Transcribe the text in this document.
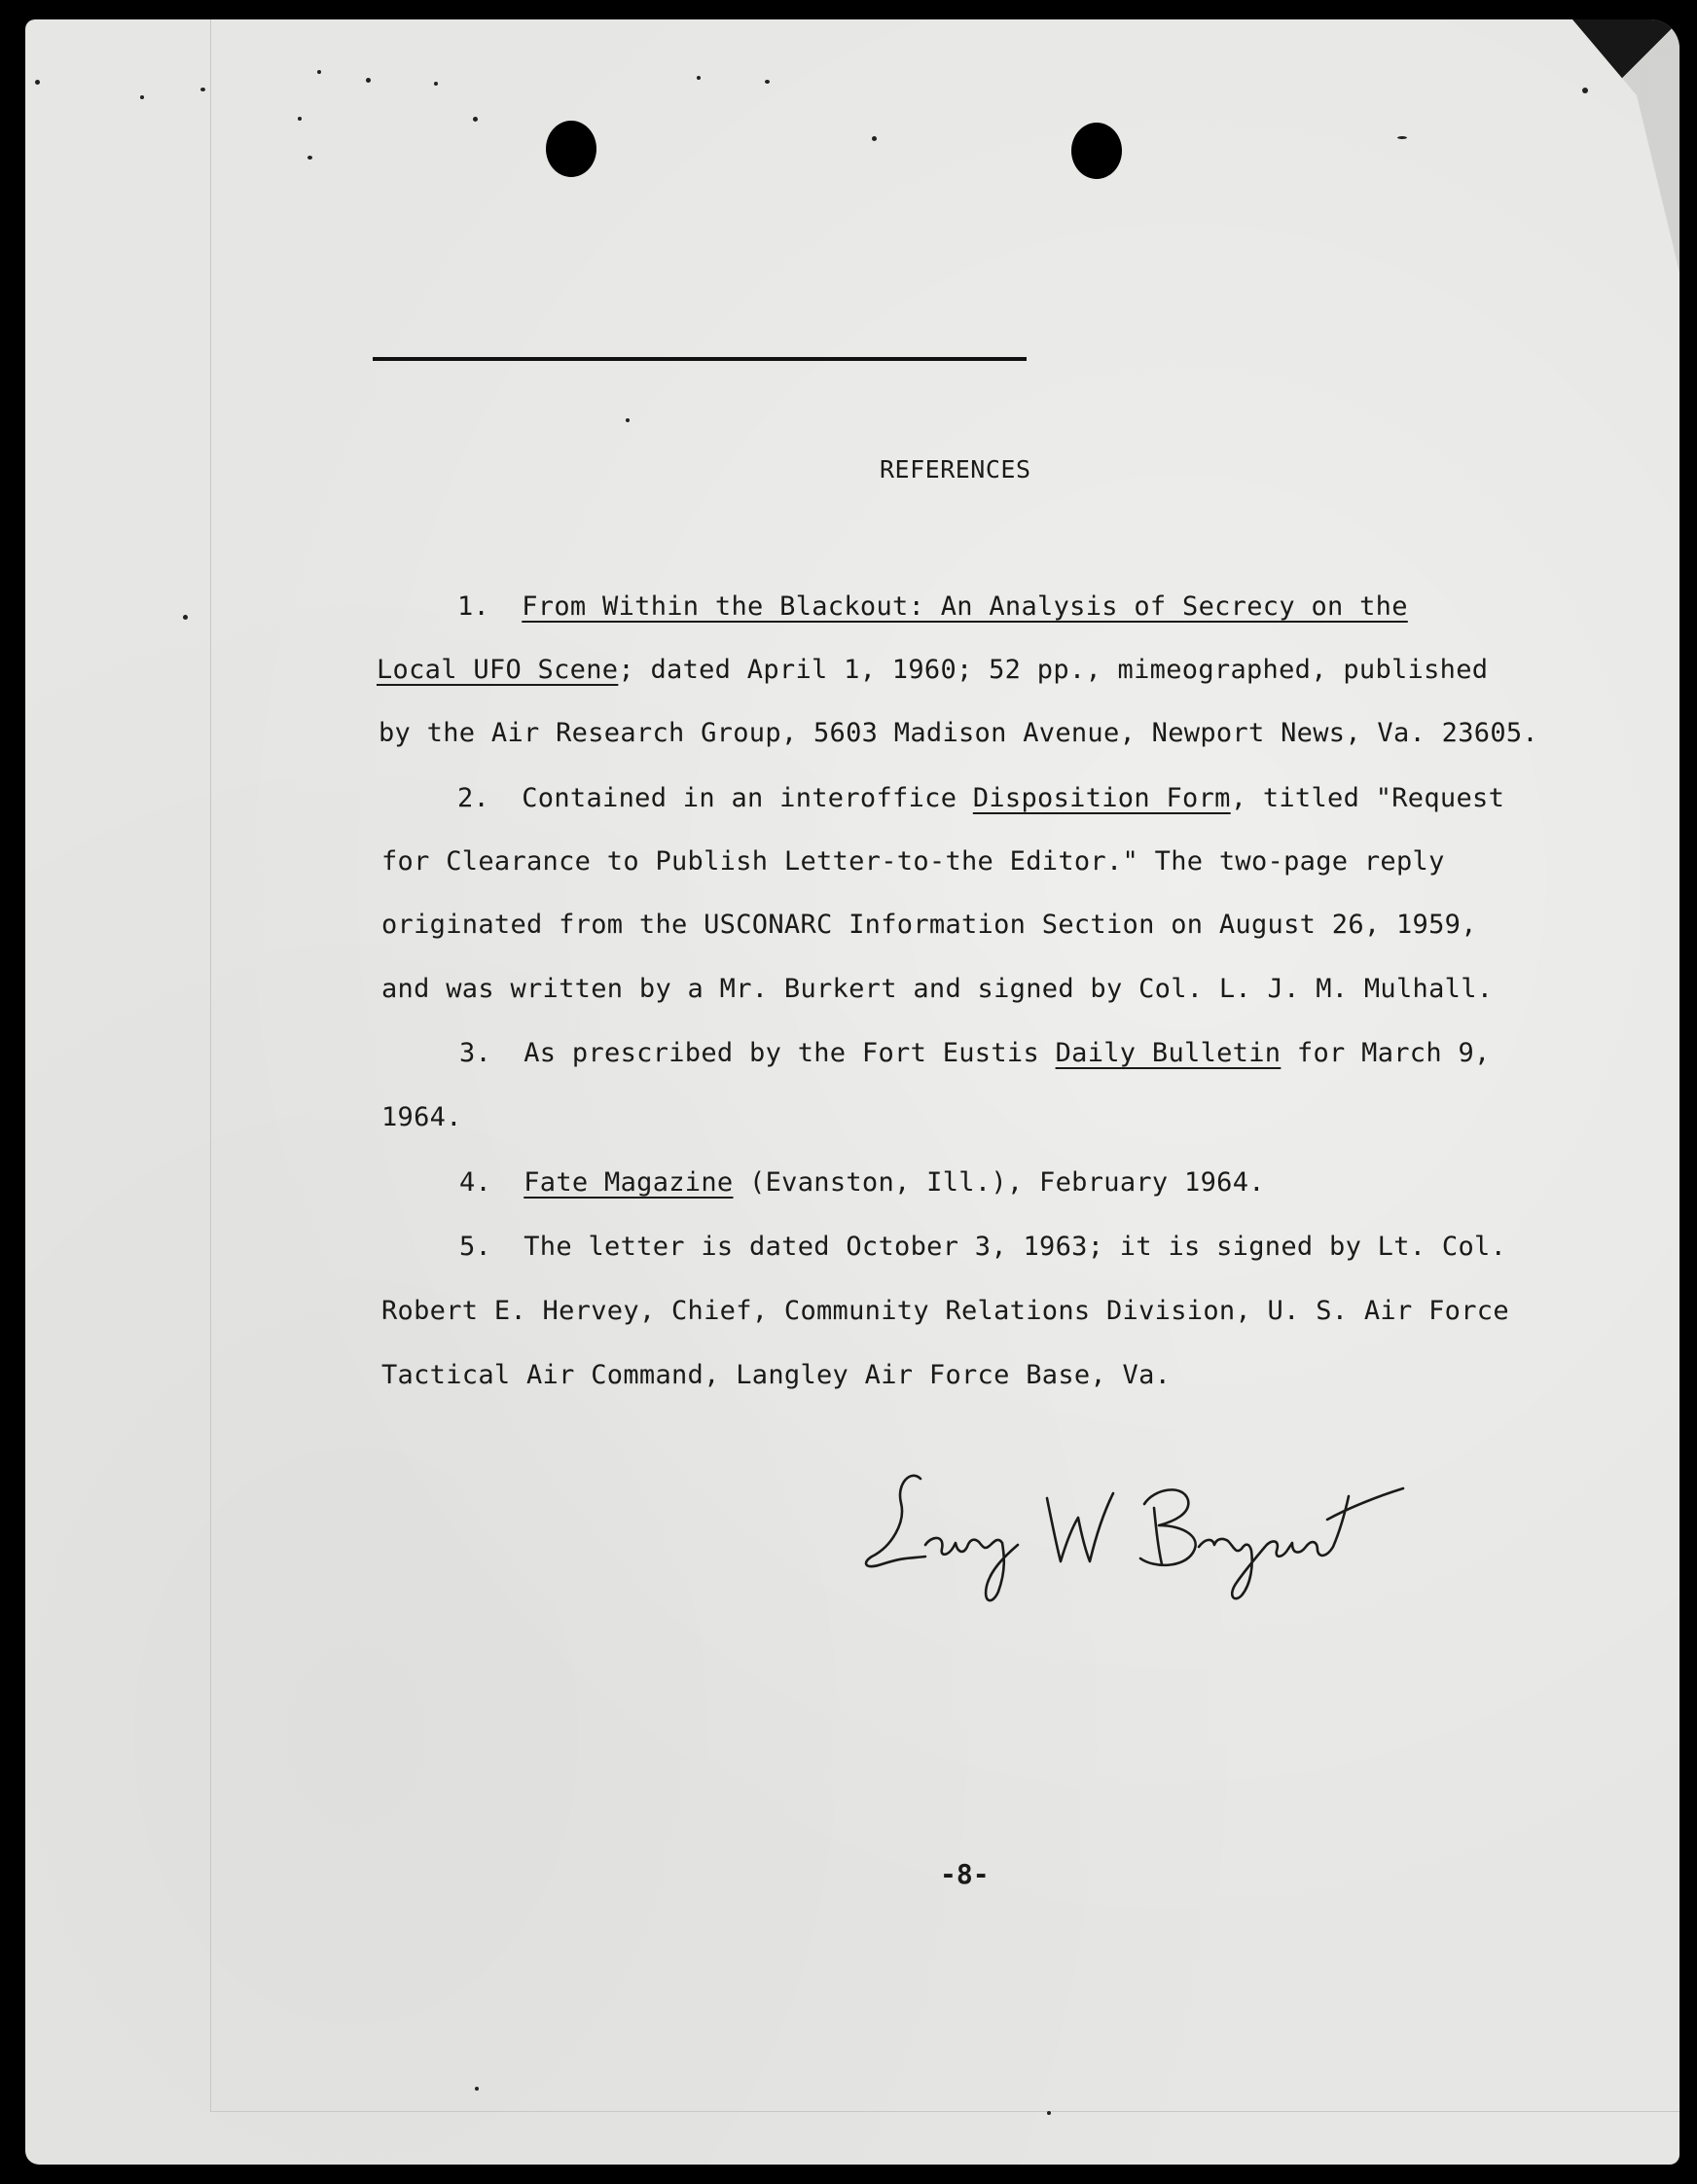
REFERENCES
1. From Within the Blackout: An Analysis of Secrecy on the
Local UFO Scene; dated April 1, 1960; 52 pp., mimeographed, published
by the Air Research Group, 5603 Madison Avenue, Newport News, Va. 23605.
2. Contained in an interoffice Disposition Form, titled "Request
for Clearance to Publish Letter-to-the Editor." The two-page reply
originated from the USCONARC Information Section on August 26, 1959,
and was written by a Mr. Burkert and signed by Col. L. J. M. Mulhall.
3. As prescribed by the Fort Eustis Daily Bulletin for March 9,
1964.
4. Fate Magazine (Evanston, Ill.), February 1964.
5. The letter is dated October 3, 1963; it is signed by Lt. Col.
Robert E. Hervey, Chief, Community Relations Division, U. S. Air Force
Tactical Air Command, Langley Air Force Base, Va.
-8-
